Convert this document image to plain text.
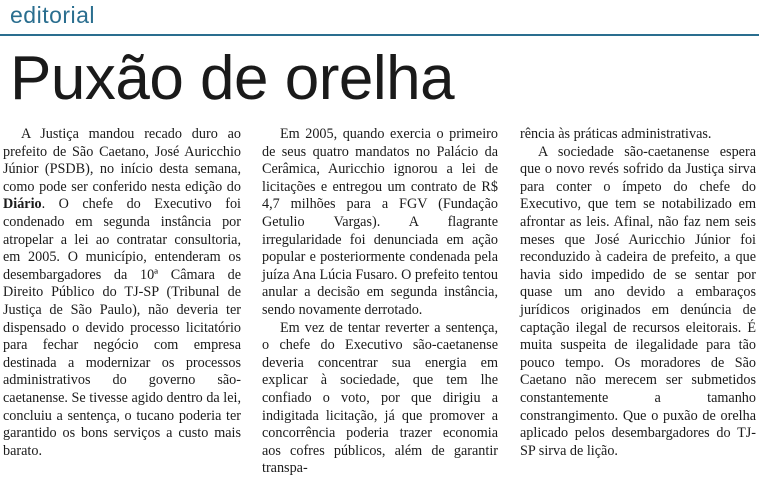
editorial
Puxão de orelha

A Justiça mandou recado duro ao prefeito de São Caetano, José Auricchio Júnior (PSDB), no início desta semana, como pode ser conferido nesta edição do Diário. O chefe do Executivo foi condenado em segunda instância por atropelar a lei ao contratar consultoria, em 2005. O município, entenderam os desembargadores da 10ª Câmara de Direito Público do TJ-SP (Tribunal de Justiça de São Paulo), não deveria ter dispensado o devido processo licitatório para fechar negócio com empresa destinada a modernizar os processos administrativos do governo são-caetanense. Se tivesse agido dentro da lei, concluiu a sentença, o tucano poderia ter garantido os bons serviços a custo mais barato.

Em 2005, quando exercia o primeiro de seus quatro mandatos no Palácio da Cerâmica, Auricchio ignorou a lei de licitações e entregou um contrato de R$ 4,7 milhões para a FGV (Fundação Getulio Vargas). A flagrante irregularidade foi denunciada em ação popular e posteriormente condenada pela juíza Ana Lúcia Fusaro. O prefeito tentou anular a decisão em segunda instância, sendo novamente derrotado.

Em vez de tentar reverter a sentença, o chefe do Executivo são-caetanense deveria concentrar sua energia em explicar à sociedade, que tem lhe confiado o voto, por que dirigiu a indigitada licitação, já que promover a concorrência poderia trazer economia aos cofres públicos, além de garantir transpa-

rência às práticas administrativas.

A sociedade são-caetanense espera que o novo revés sofrido da Justiça sirva para conter o ímpeto do chefe do Executivo, que tem se notabilizado em afrontar as leis. Afinal, não faz nem seis meses que José Auricchio Júnior foi reconduzido à cadeira de prefeito, a que havia sido impedido de se sentar por quase um ano devido a embaraços jurídicos originados em denúncia de captação ilegal de recursos eleitorais. É muita suspeita de ilegalidade para tão pouco tempo. Os moradores de São Caetano não merecem ser submetidos constantemente a tamanho constrangimento. Que o puxão de orelha aplicado pelos desembargadores do TJ-SP sirva de lição.
